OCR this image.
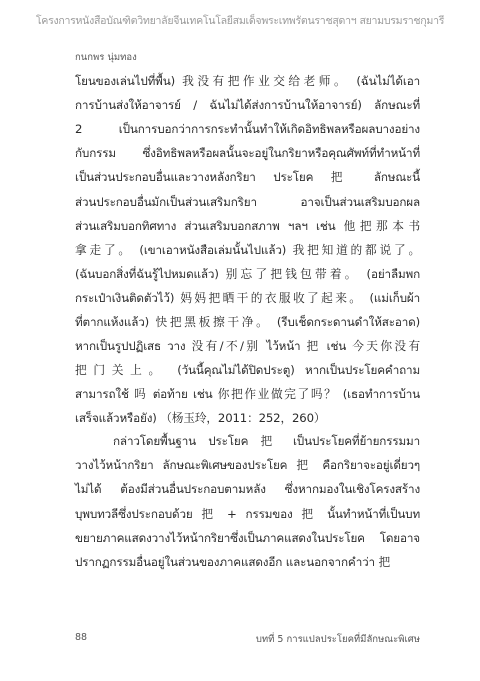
โครงการหนังสือบัณฑิตวิทยาลัยจีนเทคโนโลยีสมเด็จพระเทพรัตนราชสุดาฯ สยามบรมราชกุมารี
กนกพร นุ่มทอง
โยนของเล่นไปที่พื้น) 我没有把作业交给老师。 (ฉันไม่ได้เอา
การบ้านส่งให้อาจารย์ / ฉันไม่ได้ส่งการบ้านให้อาจารย์) ลักษณะที่
2 เป็นการบอกว่าการกระทำนั้นทำให้เกิดอิทธิพลหรือผลบางอย่าง
กับกรรม ซึ่งอิทธิพลหรือผลนั้นจะอยู่ในกริยาหรือคุณศัพท์ที่ทำหน้าที่
เป็นส่วนประกอบอื่นและวางหลังกริยา ประโยค 把 ลักษณะนี้
ส่วนประกอบอื่นมักเป็นส่วนเสริมกริยา อาจเป็นส่วนเสริมบอกผล
ส่วนเสริมบอกทิศทาง ส่วนเสริมบอกสภาพ ฯลฯ เช่น 他把那本书
拿走了。 (เขาเอาหนังสือเล่มนั้นไปแล้ว) 我把知道的都说了。
(ฉันบอกสิ่งที่ฉันรู้ไปหมดแล้ว) 别忘了把钱包带着。 (อย่าลืมพก
กระเป๋าเงินติดตัวไว้) 妈妈把晒干的衣服收了起来。 (แม่เก็บผ้า
ที่ตากแห้งแล้ว) 快把黑板擦干净。 (รีบเช็ดกระดานดำให้สะอาด)
หากเป็นรูปปฏิเสธ วาง 没有/不/别 ไว้หน้า 把 เช่น 今天你没有
把门关上。 (วันนี้คุณไม่ได้ปิดประตู) หากเป็นประโยคคำถาม
สามารถใช้ 吗 ต่อท้าย เช่น 你把作业做完了吗？ (เธอทำการบ้าน
เสร็จแล้วหรือยัง) （杨玉玲，2011：252，260）
กล่าวโดยพื้นฐาน ประโยค 把 เป็นประโยคที่ย้ายกรรมมา
วางไว้หน้ากริยา ลักษณะพิเศษของประโยค 把 คือกริยาจะอยู่เดี่ยวๆ
ไม่ได้ ต้องมีส่วนอื่นประกอบตามหลัง ซึ่งหากมองในเชิงโครงสร้าง
บุพบทวลีซึ่งประกอบด้วย 把 + กรรมของ 把 นั้นทำหน้าที่เป็นบท
ขยายภาคแสดงวางไว้หน้ากริยาซึ่งเป็นภาคแสดงในประโยค โดยอาจ
ปรากฏกรรมอื่นอยู่ในส่วนของภาคแสดงอีก และนอกจากคำว่า 把
88	บทที่ 5 การแปลประโยคที่มีลักษณะพิเศษ
